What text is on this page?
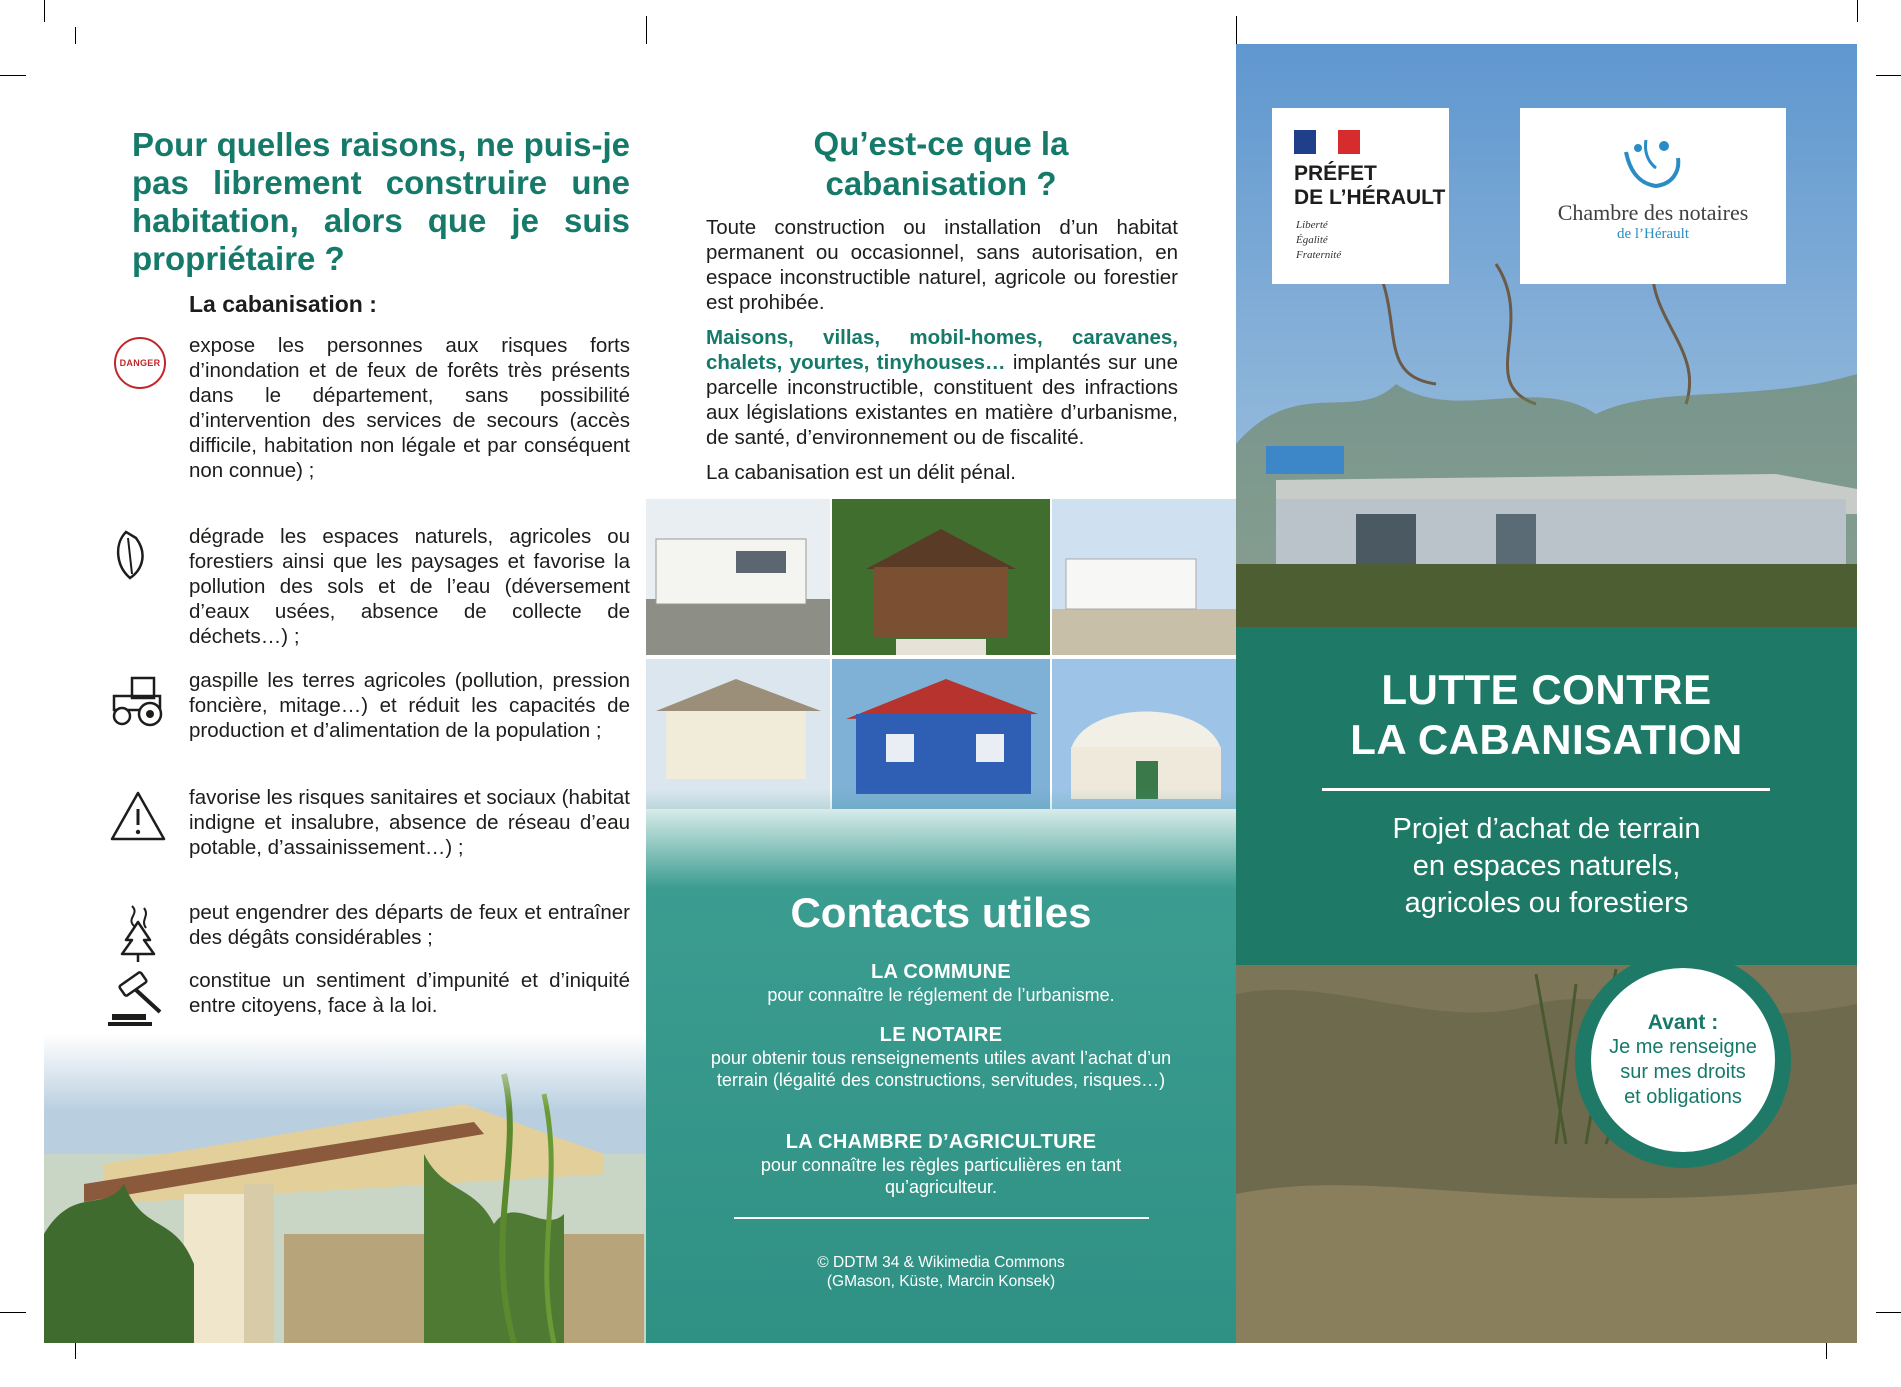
Pour quelles raisons, ne puis-je pas librement construire une habitation, alors que je suis propriétaire ?

La cabanisation :

DANGER

expose les personnes aux risques forts d’inondation et de feux de forêts très présents dans le département, sans possibilité d’intervention des services de secours (accès difficile, habitation non légale et par conséquent non connue) ;

dégrade les espaces naturels, agricoles ou forestiers ainsi que les paysages et favorise la pollution des sols et de l’eau (déversement d’eaux usées, absence de collecte de déchets…) ;

gaspille les terres agricoles (pollution, pression foncière, mitage…) et réduit les capacités de production et d’alimentation de la population ;

favorise les risques sanitaires et sociaux (habitat indigne et insalubre, absence de réseau d’eau potable, d’assainissement…) ;

peut engendrer des départs de feux et entraîner des dégâts considérables ;

constitue un sentiment d’impunité et d’iniquité entre citoyens, face à la loi.

Qu’est-ce que la
cabanisation ?

Toute construction ou installation d’un habitat permanent ou occasionnel, sans autorisation, en espace inconstructible naturel, agricole ou forestier est prohibée.

Maisons, villas, mobil-homes, caravanes, chalets, yourtes, tinyhouses… implantés sur une parcelle inconstructible, constituent des infractions aux législations existantes en matière d’urbanisme, de santé, d’environnement ou de fiscalité.

La cabanisation est un délit pénal.

Contacts utiles
LA COMMUNE
pour connaître le réglement de l’urbanisme.
LE NOTAIRE
pour obtenir tous renseignements utiles avant l’achat d’un terrain (légalité des constructions, servitudes, risques…)
LA CHAMBRE D’AGRICULTURE
pour connaître les règles particulières en tant qu’agriculteur.
© DDTM 34 & Wikimedia Commons
(GMason, Küste, Marcin Konsek)
PRÉFET
DE L’HÉRAULT
Liberté
Égalité
Fraternité
Chambre des notaires
de l’Hérault
LUTTE CONTRE
LA CABANISATION

Projet d’achat de terrain
en espaces naturels,
agricoles ou forestiers

Avant :
Je me renseigne
sur mes droits
et obligations
